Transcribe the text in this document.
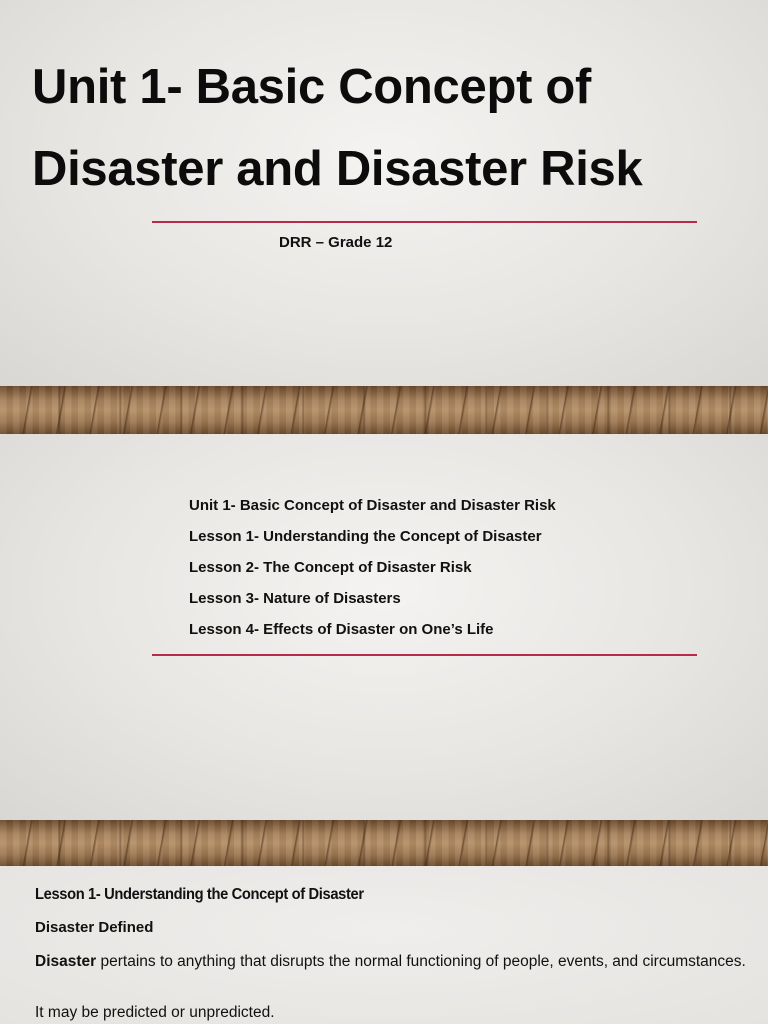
Unit 1- Basic Concept of
Disaster and Disaster Risk
DRR – Grade 12
Unit 1- Basic Concept of Disaster and Disaster Risk
Lesson 1- Understanding the Concept of Disaster
Lesson 2- The Concept of Disaster Risk
Lesson 3- Nature of Disasters
Lesson 4- Effects of Disaster on One’s Life
Lesson 1- Understanding the Concept of Disaster
Disaster Defined
Disaster pertains to anything that disrupts the normal functioning of people, events, and circumstances.
It may be predicted or unpredicted.
